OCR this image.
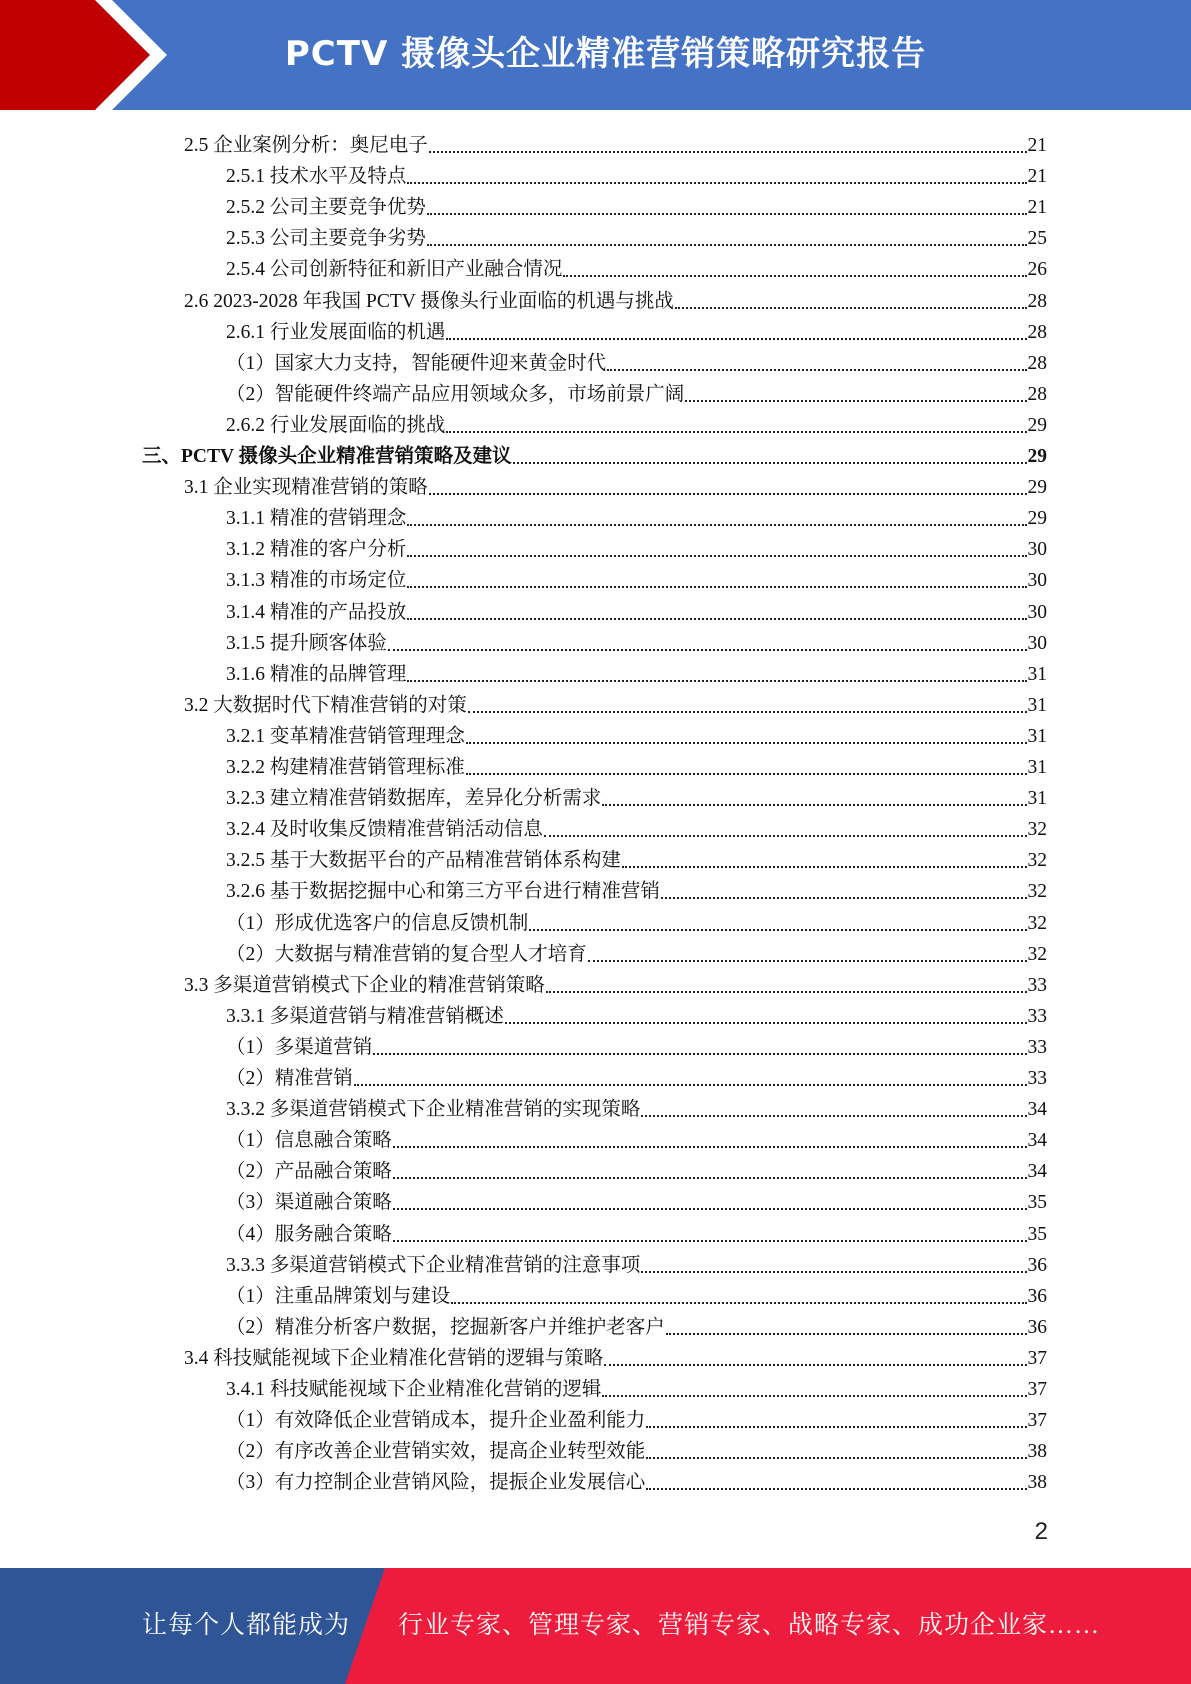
PCTV 摄像头企业精准营销策略研究报告
2.5 企业案例分析：奥尼电子	21
2.5.1 技术水平及特点	21
2.5.2 公司主要竞争优势	21
2.5.3 公司主要竞争劣势	25
2.5.4 公司创新特征和新旧产业融合情况	26
2.6 2023-2028 年我国 PCTV 摄像头行业面临的机遇与挑战	28
2.6.1 行业发展面临的机遇	28
（1）国家大力支持，智能硬件迎来黄金时代	28
（2）智能硬件终端产品应用领域众多，市场前景广阔	28
2.6.2 行业发展面临的挑战	29
三、PCTV 摄像头企业精准营销策略及建议	29
3.1 企业实现精准营销的策略	29
3.1.1 精准的营销理念	29
3.1.2 精准的客户分析	30
3.1.3 精准的市场定位	30
3.1.4 精准的产品投放	30
3.1.5 提升顾客体验	30
3.1.6 精准的品牌管理	31
3.2 大数据时代下精准营销的对策	31
3.2.1 变革精准营销管理理念	31
3.2.2 构建精准营销管理标准	31
3.2.3 建立精准营销数据库，差异化分析需求	31
3.2.4 及时收集反馈精准营销活动信息	32
3.2.5 基于大数据平台的产品精准营销体系构建	32
3.2.6 基于数据挖掘中心和第三方平台进行精准营销	32
（1）形成优选客户的信息反馈机制	32
（2）大数据与精准营销的复合型人才培育	32
3.3 多渠道营销模式下企业的精准营销策略	33
3.3.1 多渠道营销与精准营销概述	33
（1）多渠道营销	33
（2）精准营销	33
3.3.2 多渠道营销模式下企业精准营销的实现策略	34
（1）信息融合策略	34
（2）产品融合策略	34
（3）渠道融合策略	35
（4）服务融合策略	35
3.3.3 多渠道营销模式下企业精准营销的注意事项	36
（1）注重品牌策划与建设	36
（2）精准分析客户数据，挖掘新客户并维护老客户	36
3.4 科技赋能视域下企业精准化营销的逻辑与策略	37
3.4.1 科技赋能视域下企业精准化营销的逻辑	37
（1）有效降低企业营销成本，提升企业盈利能力	37
（2）有序改善企业营销实效，提高企业转型效能	38
（3）有力控制企业营销风险，提振企业发展信心	38
2
让每个人都能成为 行业专家、管理专家、营销专家、战略专家、成功企业家……
